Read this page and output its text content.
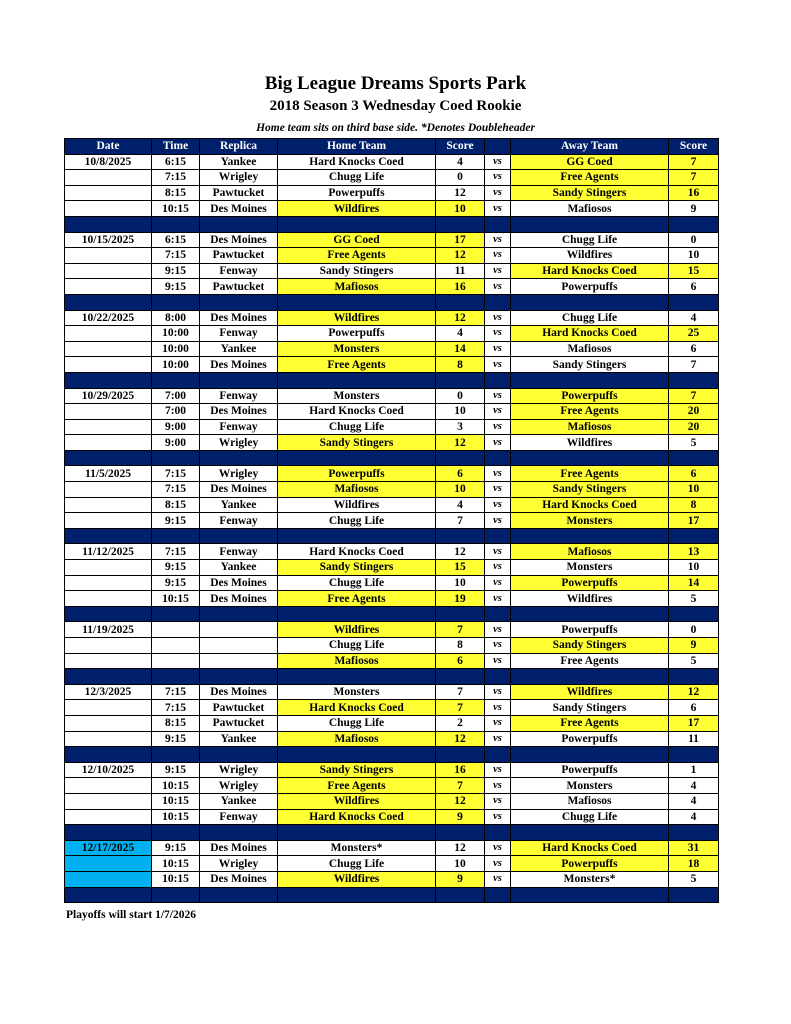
Big League Dreams Sports Park
2018 Season 3 Wednesday Coed Rookie
Home team sits on third base side. *Denotes Doubleheader
Date	Time	Replica	Home Team	Score		Away Team	Score
10/8/2025	6:15	Yankee	Hard Knocks Coed	4	vs	GG Coed	7
	7:15	Wrigley	Chugg Life	0	vs	Free Agents	7
	8:15	Pawtucket	Powerpuffs	12	vs	Sandy Stingers	16
	10:15	Des Moines	Wildfires	10	vs	Mafiosos	9

10/15/2025	6:15	Des Moines	GG Coed	17	vs	Chugg Life	0
	7:15	Pawtucket	Free Agents	12	vs	Wildfires	10
	9:15	Fenway	Sandy Stingers	11	vs	Hard Knocks Coed	15
	9:15	Pawtucket	Mafiosos	16	vs	Powerpuffs	6

10/22/2025	8:00	Des Moines	Wildfires	12	vs	Chugg Life	4
	10:00	Fenway	Powerpuffs	4	vs	Hard Knocks Coed	25
	10:00	Yankee	Monsters	14	vs	Mafiosos	6
	10:00	Des Moines	Free Agents	8	vs	Sandy Stingers	7

10/29/2025	7:00	Fenway	Monsters	0	vs	Powerpuffs	7
	7:00	Des Moines	Hard Knocks Coed	10	vs	Free Agents	20
	9:00	Fenway	Chugg Life	3	vs	Mafiosos	20
	9:00	Wrigley	Sandy Stingers	12	vs	Wildfires	5

11/5/2025	7:15	Wrigley	Powerpuffs	6	vs	Free Agents	6
	7:15	Des Moines	Mafiosos	10	vs	Sandy Stingers	10
	8:15	Yankee	Wildfires	4	vs	Hard Knocks Coed	8
	9:15	Fenway	Chugg Life	7	vs	Monsters	17

11/12/2025	7:15	Fenway	Hard Knocks Coed	12	vs	Mafiosos	13
	9:15	Yankee	Sandy Stingers	15	vs	Monsters	10
	9:15	Des Moines	Chugg Life	10	vs	Powerpuffs	14
	10:15	Des Moines	Free Agents	19	vs	Wildfires	5

11/19/2025			Wildfires	7	vs	Powerpuffs	0
			Chugg Life	8	vs	Sandy Stingers	9
			Mafiosos	6	vs	Free Agents	5

12/3/2025	7:15	Des Moines	Monsters	7	vs	Wildfires	12
	7:15	Pawtucket	Hard Knocks Coed	7	vs	Sandy Stingers	6
	8:15	Pawtucket	Chugg Life	2	vs	Free Agents	17
	9:15	Yankee	Mafiosos	12	vs	Powerpuffs	11

12/10/2025	9:15	Wrigley	Sandy Stingers	16	vs	Powerpuffs	1
	10:15	Wrigley	Free Agents	7	vs	Monsters	4
	10:15	Yankee	Wildfires	12	vs	Mafiosos	4
	10:15	Fenway	Hard Knocks Coed	9	vs	Chugg Life	4

12/17/2025	9:15	Des Moines	Monsters*	12	vs	Hard Knocks Coed	31
	10:15	Wrigley	Chugg Life	10	vs	Powerpuffs	18
	10:15	Des Moines	Wildfires	9	vs	Monsters*	5

Playoffs will start 1/7/2026
